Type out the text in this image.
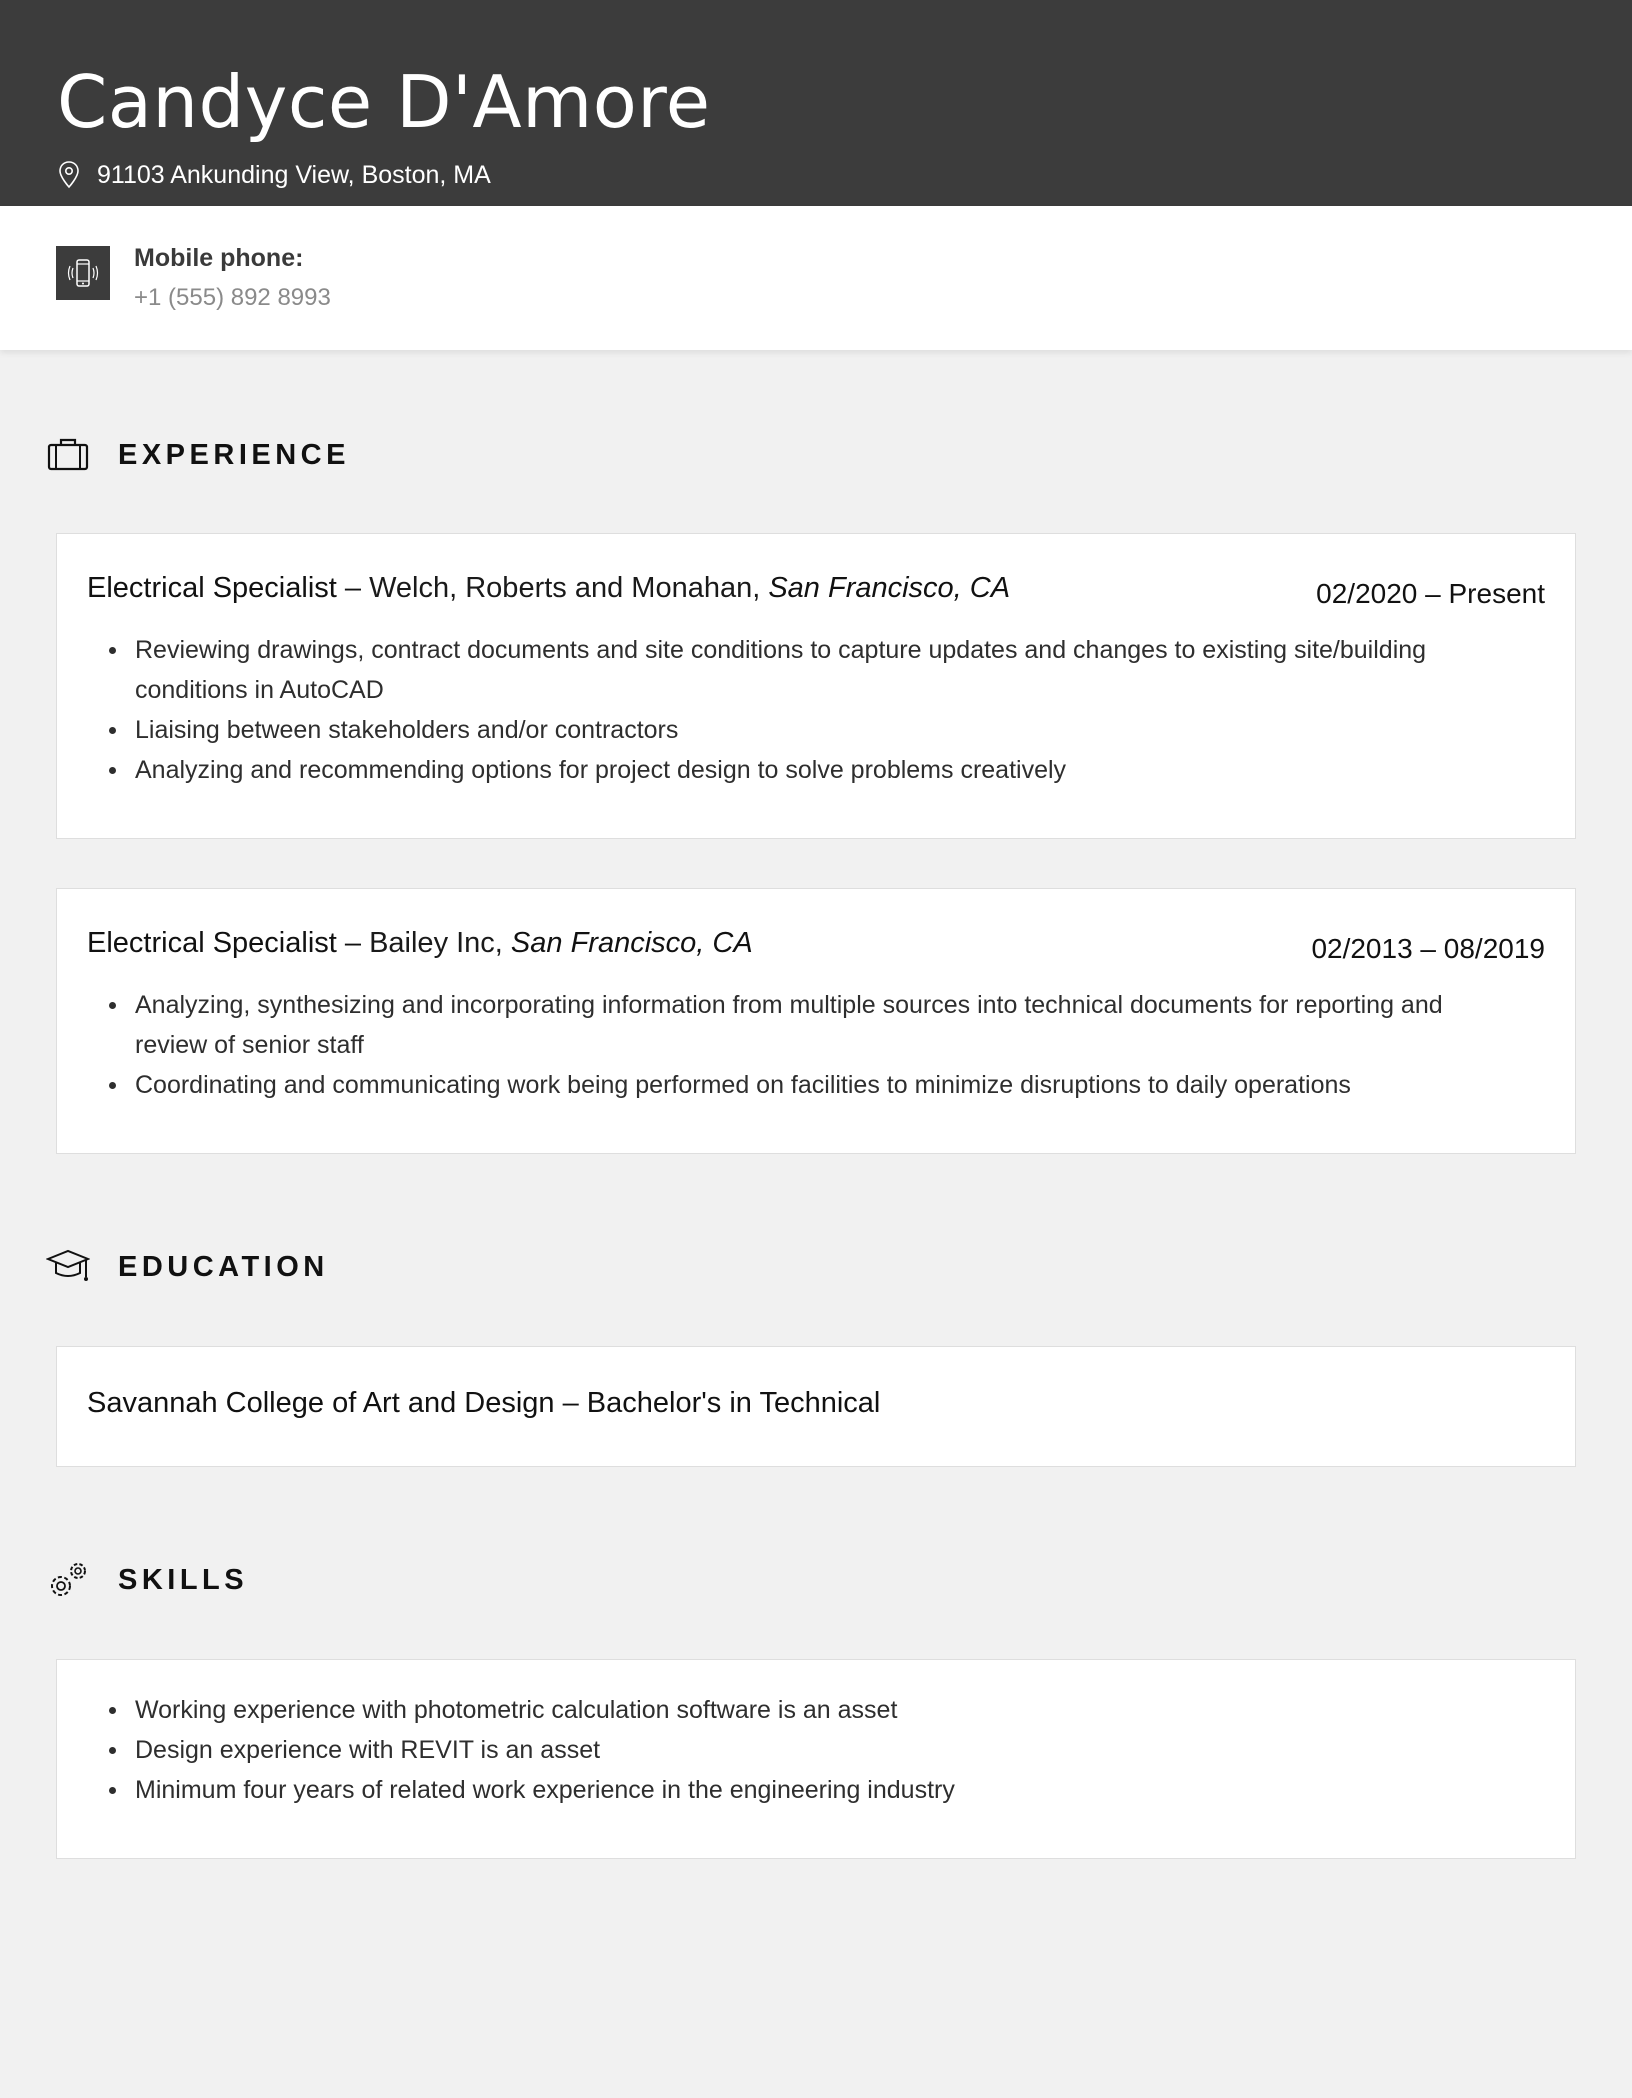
Candyce D'Amore
91103 Ankunding View, Boston, MA
Mobile phone:
+1 (555) 892 8993
EXPERIENCE
Electrical Specialist – Welch, Roberts and Monahan, San Francisco, CA	02/2020 – Present
Reviewing drawings, contract documents and site conditions to capture updates and changes to existing site/building conditions in AutoCAD
Liaising between stakeholders and/or contractors
Analyzing and recommending options for project design to solve problems creatively
Electrical Specialist – Bailey Inc, San Francisco, CA	02/2013 – 08/2019
Analyzing, synthesizing and incorporating information from multiple sources into technical documents for reporting and review of senior staff
Coordinating and communicating work being performed on facilities to minimize disruptions to daily operations
EDUCATION
Savannah College of Art and Design – Bachelor's in Technical
SKILLS
Working experience with photometric calculation software is an asset
Design experience with REVIT is an asset
Minimum four years of related work experience in the engineering industry
